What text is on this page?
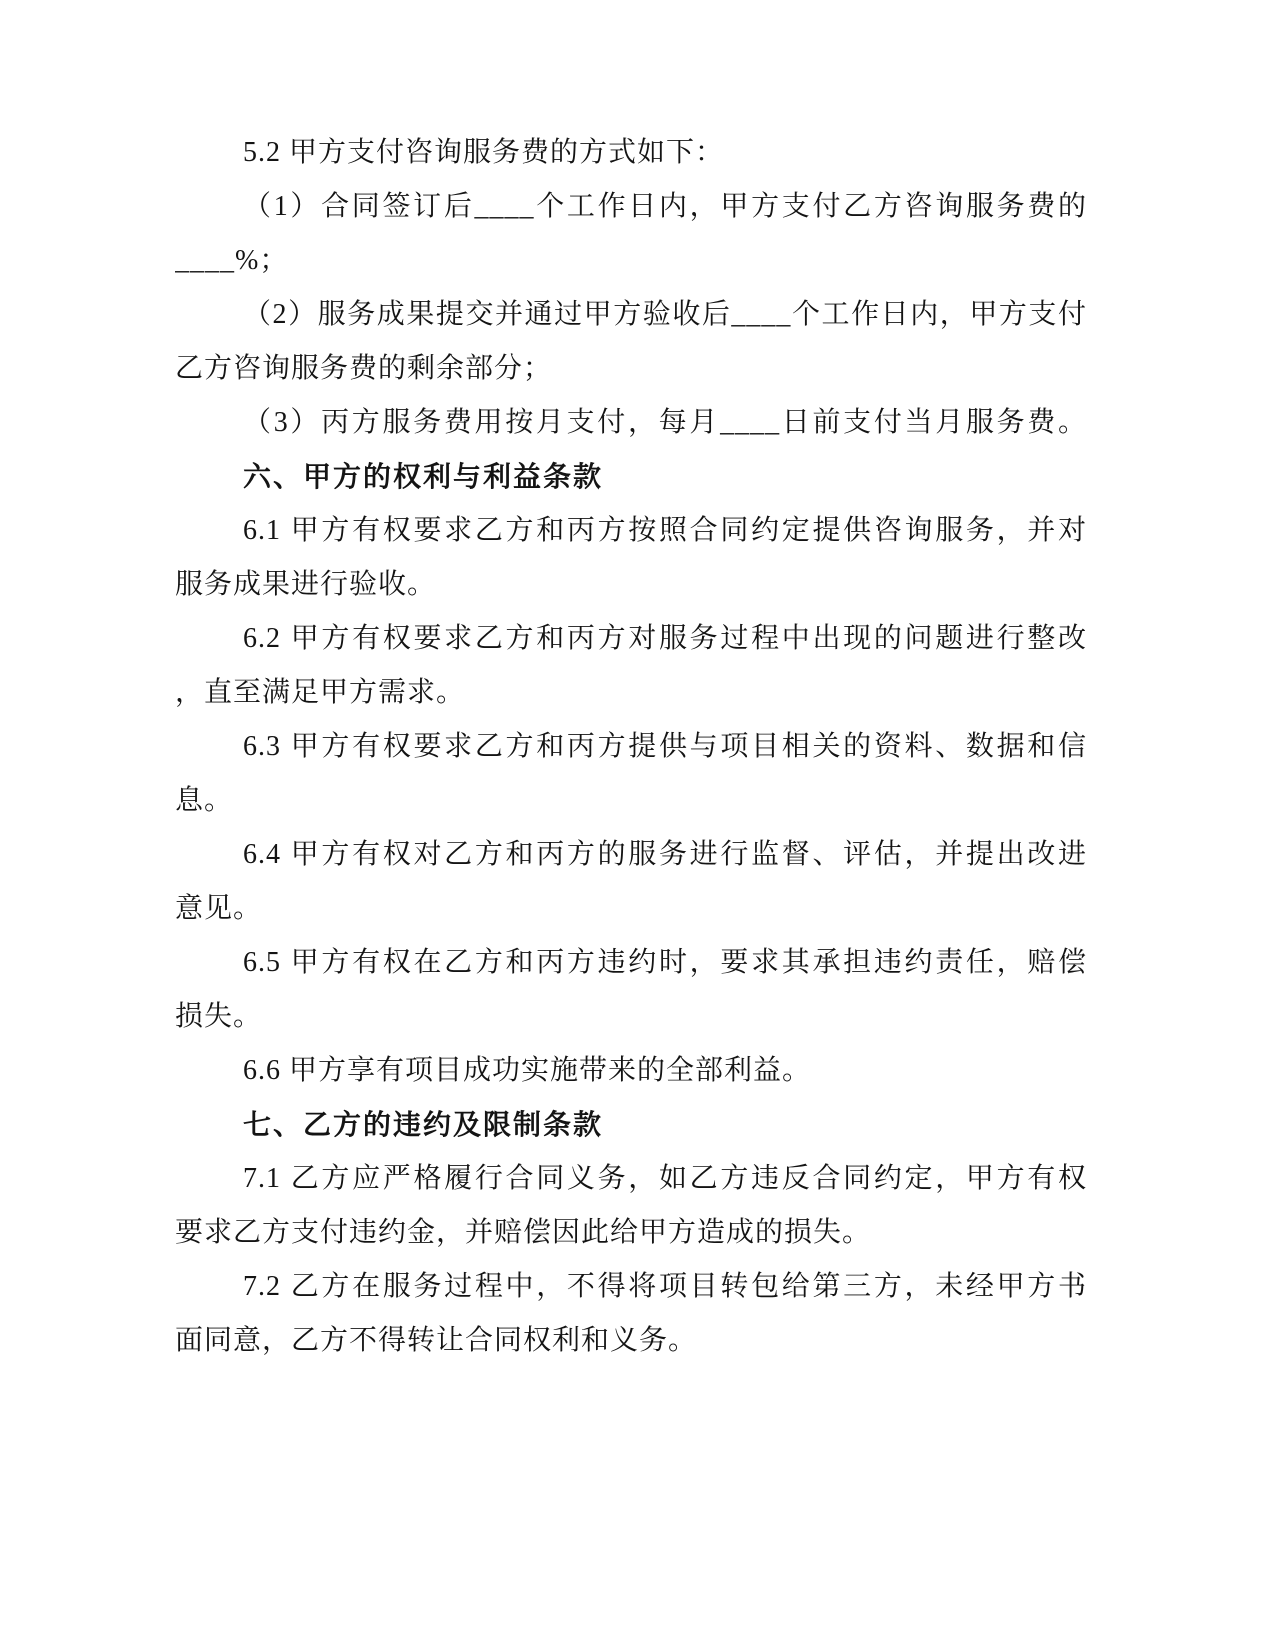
5.2 甲方支付咨询服务费的方式如下：
（1）合同签订后____个工作日内，甲方支付乙方咨询服务费的
____%；
（2）服务成果提交并通过甲方验收后____个工作日内，甲方支付
乙方咨询服务费的剩余部分；
（3）丙方服务费用按月支付，每月____日前支付当月服务费。
六、甲方的权利与利益条款
6.1 甲方有权要求乙方和丙方按照合同约定提供咨询服务，并对
服务成果进行验收。
6.2 甲方有权要求乙方和丙方对服务过程中出现的问题进行整改
，直至满足甲方需求。
6.3 甲方有权要求乙方和丙方提供与项目相关的资料、数据和信
息。
6.4 甲方有权对乙方和丙方的服务进行监督、评估，并提出改进
意见。
6.5 甲方有权在乙方和丙方违约时，要求其承担违约责任，赔偿
损失。
6.6 甲方享有项目成功实施带来的全部利益。
七、乙方的违约及限制条款
7.1 乙方应严格履行合同义务，如乙方违反合同约定，甲方有权
要求乙方支付违约金，并赔偿因此给甲方造成的损失。
7.2 乙方在服务过程中，不得将项目转包给第三方，未经甲方书
面同意，乙方不得转让合同权利和义务。
